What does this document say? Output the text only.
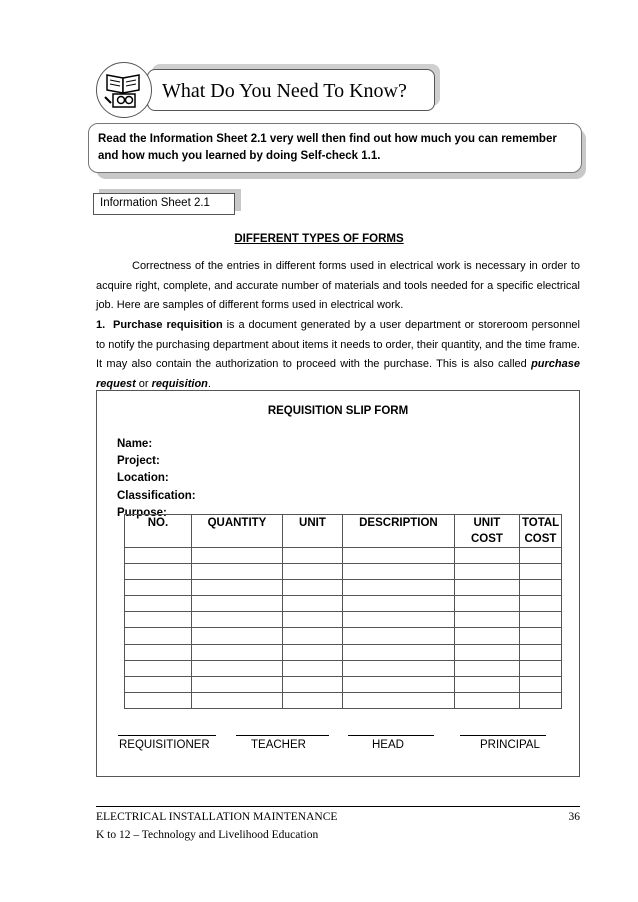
What Do You Need To Know?
Read the Information Sheet 2.1 very well then find out how much you can remember and how much you learned by doing Self-check 1.1.
Information Sheet 2.1
DIFFERENT TYPES OF FORMS
Correctness of the entries in different forms used in electrical work is necessary in order to acquire right, complete, and accurate number of materials and tools needed for a specific electrical job. Here are samples of different forms used in electrical work.
1. Purchase requisition is a document generated by a user department or storeroom personnel to notify the purchasing department about items it needs to order, their quantity, and the time frame. It may also contain the authorization to proceed with the purchase. This is also called purchase request or requisition.
REQUISITION SLIP FORM
Name:
Project:
Location:
Classification:
Purpose:
NO.	QUANTITY	UNIT	DESCRIPTION	UNIT COST	TOTAL COST

REQUISITIONER	TEACHER	HEAD	PRINCIPAL
ELECTRICAL INSTALLATION MAINTENANCE
K to 12 – Technology and Livelihood Education
36
